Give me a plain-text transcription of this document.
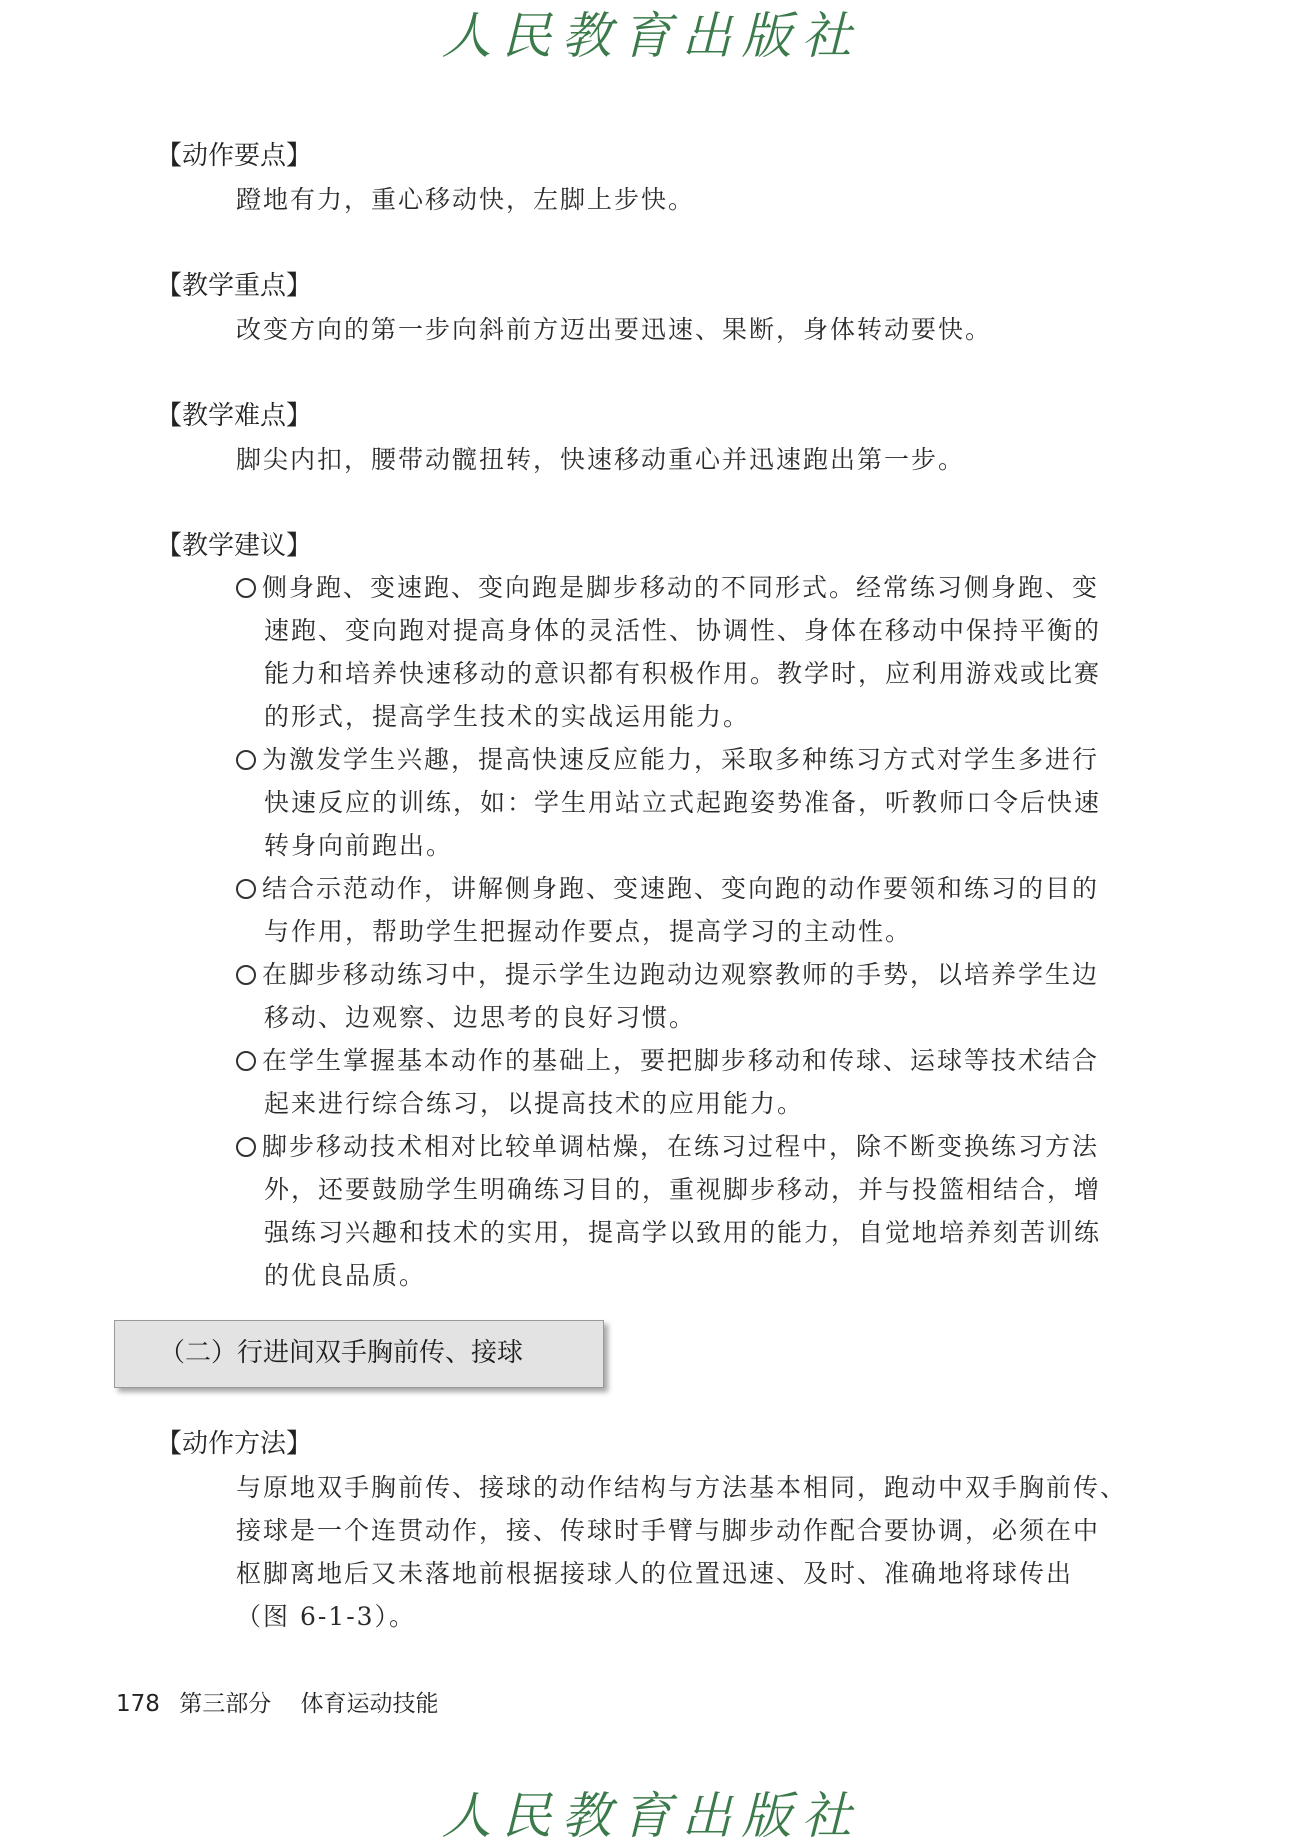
人民教育出版社
【动作要点】
蹬地有力，重心移动快，左脚上步快。
【教学重点】
改变方向的第一步向斜前方迈出要迅速、果断，身体转动要快。
【教学难点】
脚尖内扣，腰带动髋扭转，快速移动重心并迅速跑出第一步。
【教学建议】
侧身跑、变速跑、变向跑是脚步移动的不同形式。经常练习侧身跑、变
速跑、变向跑对提高身体的灵活性、协调性、身体在移动中保持平衡的
能力和培养快速移动的意识都有积极作用。教学时，应利用游戏或比赛
的形式，提高学生技术的实战运用能力。
为激发学生兴趣，提高快速反应能力，采取多种练习方式对学生多进行
快速反应的训练，如：学生用站立式起跑姿势准备，听教师口令后快速
转身向前跑出。
结合示范动作，讲解侧身跑、变速跑、变向跑的动作要领和练习的目的
与作用，帮助学生把握动作要点，提高学习的主动性。
在脚步移动练习中，提示学生边跑动边观察教师的手势，以培养学生边
移动、边观察、边思考的良好习惯。
在学生掌握基本动作的基础上，要把脚步移动和传球、运球等技术结合
起来进行综合练习，以提高技术的应用能力。
脚步移动技术相对比较单调枯燥，在练习过程中，除不断变换练习方法
外，还要鼓励学生明确练习目的，重视脚步移动，并与投篮相结合，增
强练习兴趣和技术的实用，提高学以致用的能力，自觉地培养刻苦训练
的优良品质。
（二）行进间双手胸前传、接球
【动作方法】
与原地双手胸前传、接球的动作结构与方法基本相同，跑动中双手胸前传、
接球是一个连贯动作，接、传球时手臂与脚步动作配合要协调，必须在中
枢脚离地后又未落地前根据接球人的位置迅速、及时、准确地将球传出
（图 6-1-3）。
178 第三部分 体育运动技能
人民教育出版社
